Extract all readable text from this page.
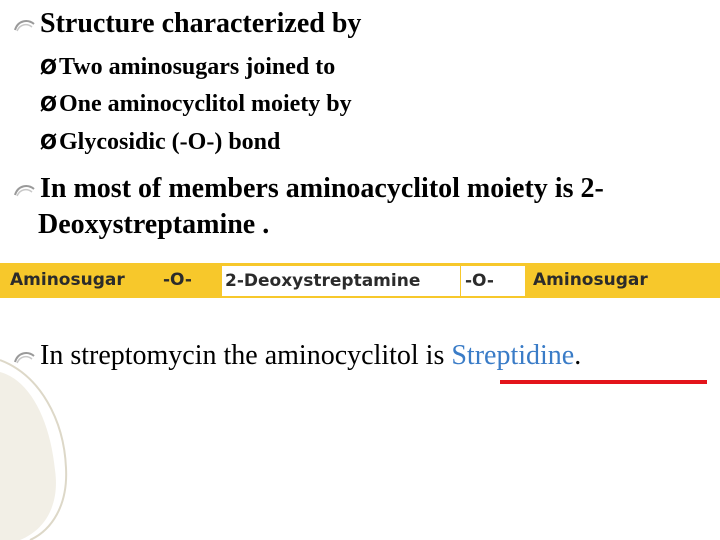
Structure characterized by
Ø Two aminosugars joined to
Ø One aminocyclitol moiety by
Ø Glycosidic (-O-) bond
In most of members aminoacyclitol moiety is 2-
Deoxystreptamine .
Aminosugar -O- 2-Deoxystreptamine	-O-	Aminosugar
In streptomycin the aminocyclitol is
Streptidine .
